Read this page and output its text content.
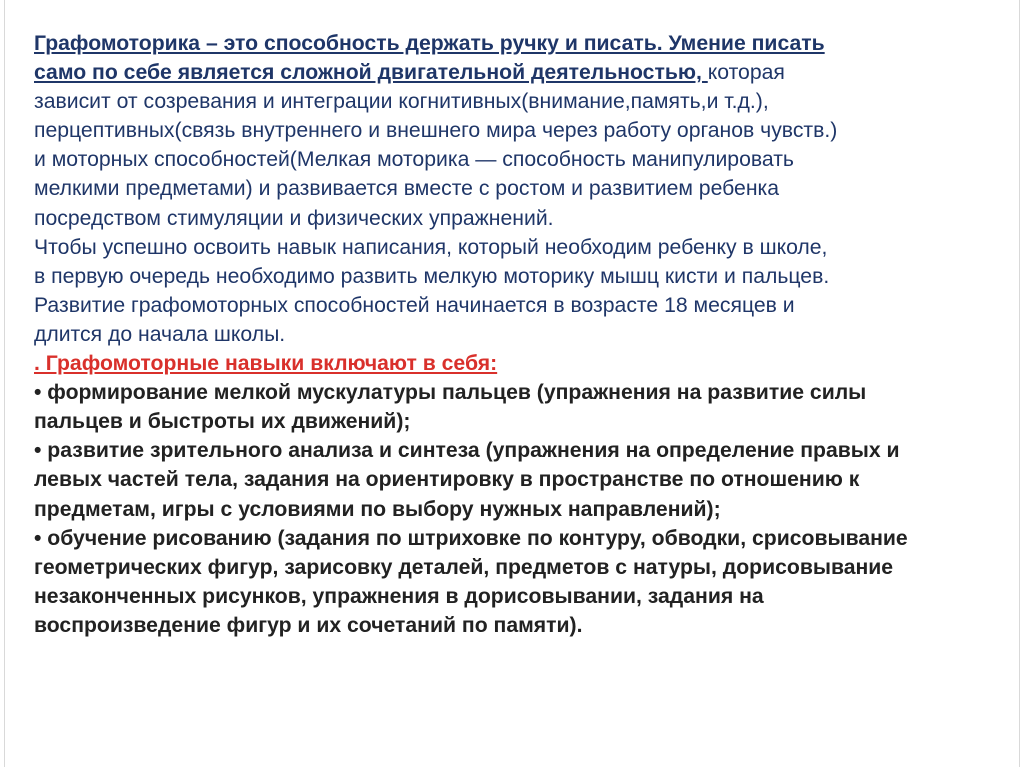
Графомоторика – это способность держать ручку и писать. Умение писать

само по себе является сложной двигательной деятельностью, которая

зависит от созревания и интеграции когнитивных(внимание,память,и т.д.),

перцептивных(связь внутреннего и внешнего мира через работу органов чувств.)

и моторных способностей(Мелкая моторика — способность манипулировать

мелкими предметами) и развивается вместе с ростом и развитием ребенка

посредством стимуляции и физических упражнений.

Чтобы успешно освоить навык написания, который необходим ребенку в школе,

в первую очередь необходимо развить мелкую моторику мышц кисти и пальцев.

Развитие графомоторных способностей начинается в возрасте 18 месяцев и

длится до начала школы.

. Графомоторные навыки включают в себя:

• формирование мелкой мускулатуры пальцев (упражнения на развитие силы

пальцев и быстроты их движений);

• развитие зрительного анализа и синтеза (упражнения на определение правых и

левых частей тела, задания на ориентировку в пространстве по отношению к

предметам, игры с условиями по выбору нужных направлений);

• обучение рисованию (задания по штриховке по контуру, обводки, срисовывание

геометрических фигур, зарисовку деталей, предметов с натуры, дорисовывание

незаконченных рисунков, упражнения в дорисовывании, задания на

воспроизведение фигур и их сочетаний по памяти).
